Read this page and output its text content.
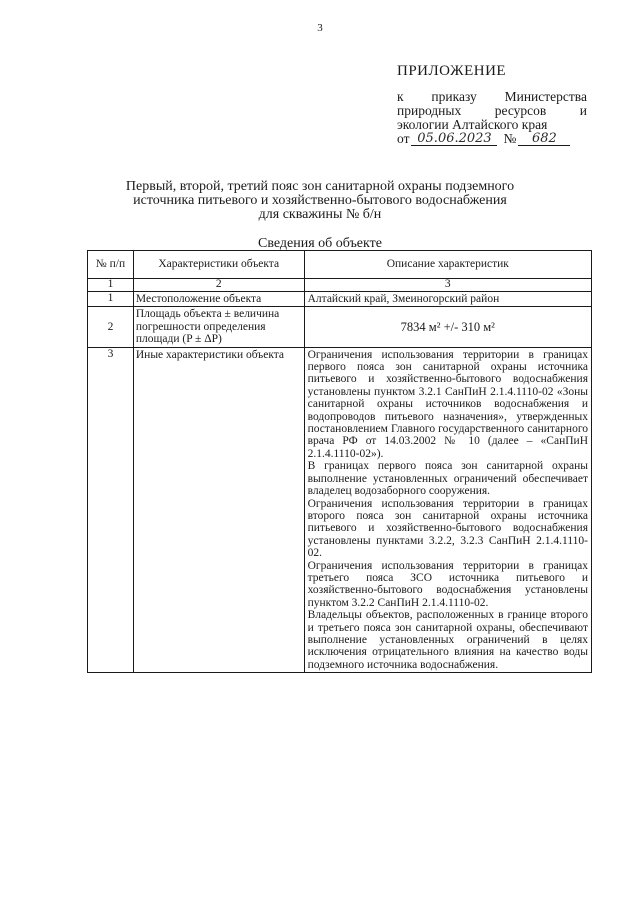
3
ПРИЛОЖЕНИЕ
к приказу Министерства
природных ресурсов и
экологии Алтайского края
от 05.06.2023 №	682
Первый, второй, третий пояс зон санитарной охраны подземного
источника питьевого и хозяйственно-бытового водоснабжения
для скважины № б/н
Сведения об объекте
№ п/п	Характеристики объекта	Описание характеристик
1	2	3
1	Местоположение объекта	Алтайский край, Змеиногорский район
2	Площадь объекта ± величина погрешности определения площади (P ± ΔP)	7834 м² +/- 310 м²
3	Иные характеристики объекта	Ограничения использования территории в границах первого пояса зон санитарной охраны источника питьевого и хозяйственно-бытового водоснабжения установлены пунктом 3.2.1 СанПиН 2.1.4.1110-02 «Зоны санитарной охраны источников водоснабжения и водопроводов питьевого назначения», утвержденных постановлением Главного государственного санитарного врача РФ от 14.03.2002 № 10 (далее – «СанПиН 2.1.4.1110-02»).
В границах первого пояса зон санитарной охраны выполнение установленных ограничений обеспечивает владелец водозаборного сооружения.
Ограничения использования территории в границах второго пояса зон санитарной охраны источника питьевого и хозяйственно-бытового водоснабжения установлены пунктами 3.2.2, 3.2.3 СанПиН 2.1.4.1110-02.
Ограничения использования территории в границах третьего пояса ЗСО источника питьевого и хозяйственно-бытового водоснабжения установлены пунктом 3.2.2 СанПиН 2.1.4.1110-02.
Владельцы объектов, расположенных в границе второго и третьего пояса зон санитарной охраны, обеспечивают выполнение установленных ограничений в целях исключения отрицательного влияния на качество воды подземного источника водоснабжения.
